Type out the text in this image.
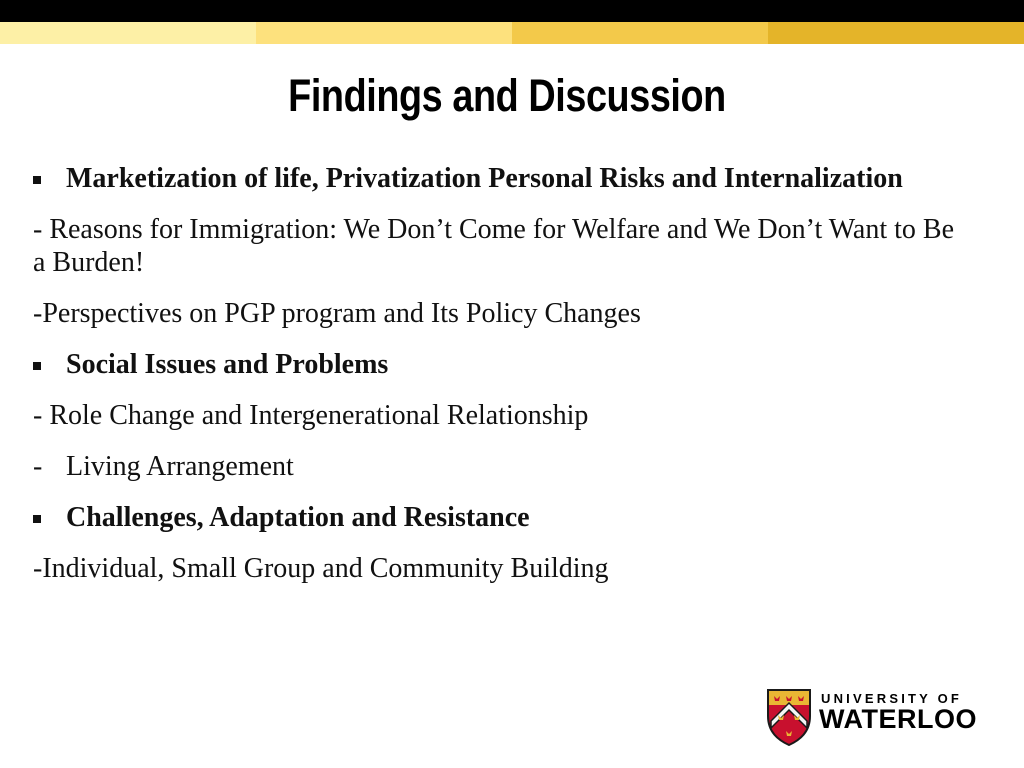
Findings and Discussion
Marketization of life, Privatization Personal Risks and Internalization
- Reasons for Immigration: We Don’t Come for Welfare and We Don’t Want to Be a Burden!
-Perspectives on PGP program and Its Policy Changes
Social Issues and Problems
- Role Change and Intergenerational Relationship
- Living Arrangement
Challenges, Adaptation and Resistance
-Individual, Small Group and Community Building
UNIVERSITY OF
WATERLOO
